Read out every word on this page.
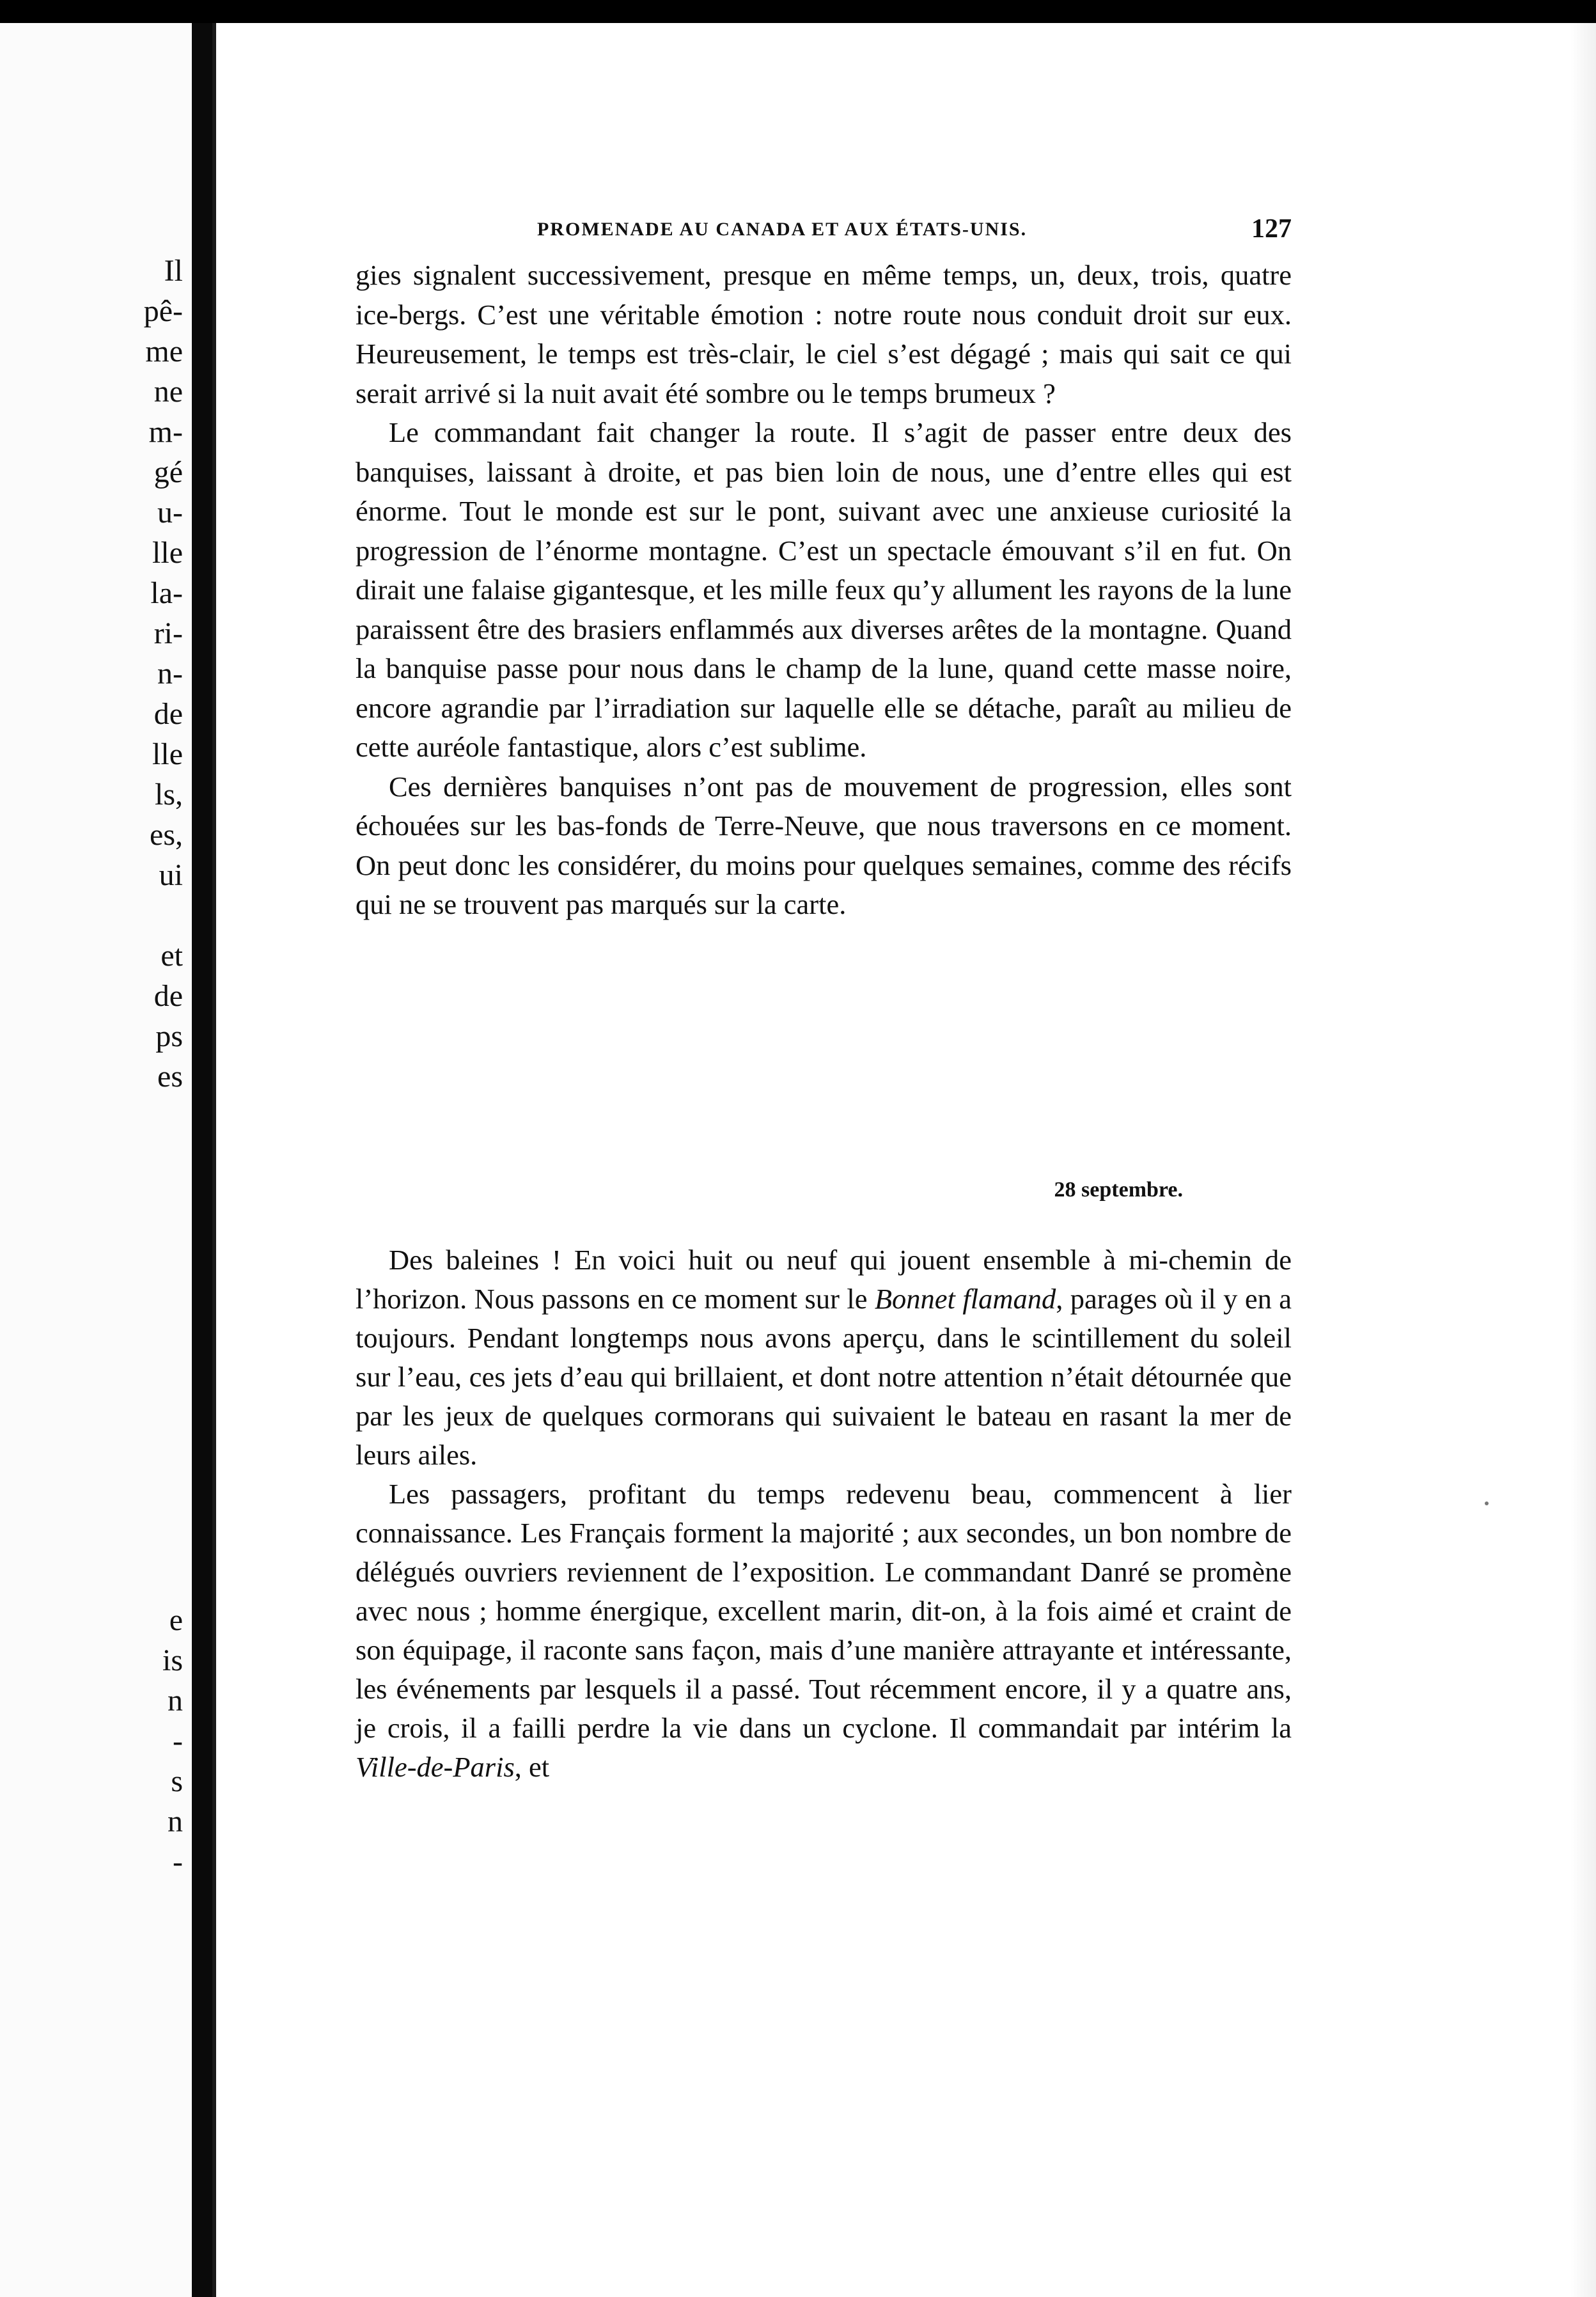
Il
pê-
me
ne
m-
gé
u-
lle
la-
ri-
n-
de
lle
ls,
es,
ui
et
de
ps
es
e
is
n
-
s
n
-
PROMENADE AU CANADA ET AUX ÉTATS-UNIS.	127

gies signalent successivement, presque en même temps, un, deux, trois, quatre ice-bergs. C’est une véritable émotion : notre route nous conduit droit sur eux. Heureusement, le temps est très-clair, le ciel s’est dégagé ; mais qui sait ce qui serait arrivé si la nuit avait été sombre ou le temps brumeux ?

Le commandant fait changer la route. Il s’agit de passer entre deux des banquises, laissant à droite, et pas bien loin de nous, une d’entre elles qui est énorme. Tout le monde est sur le pont, suivant avec une anxieuse curiosité la progression de l’énorme montagne. C’est un spectacle émouvant s’il en fut. On dirait une falaise gigantesque, et les mille feux qu’y allument les rayons de la lune paraissent être des brasiers enflammés aux diverses arêtes de la montagne. Quand la banquise passe pour nous dans le champ de la lune, quand cette masse noire, encore agrandie par l’irradiation sur laquelle elle se détache, paraît au milieu de cette auréole fantastique, alors c’est sublime.

Ces dernières banquises n’ont pas de mouvement de progression, elles sont échouées sur les bas-fonds de Terre-Neuve, que nous traversons en ce moment. On peut donc les considérer, du moins pour quelques semaines, comme des récifs qui ne se trouvent pas marqués sur la carte.

28 septembre.

Des baleines ! En voici huit ou neuf qui jouent ensemble à mi-chemin de l’horizon. Nous passons en ce moment sur le Bonnet flamand, parages où il y en a toujours. Pendant longtemps nous avons aperçu, dans le scintillement du soleil sur l’eau, ces jets d’eau qui brillaient, et dont notre attention n’était détournée que par les jeux de quelques cormorans qui suivaient le bateau en rasant la mer de leurs ailes.

Les passagers, profitant du temps redevenu beau, commencent à lier connaissance. Les Français forment la majorité ; aux secondes, un bon nombre de délégués ouvriers reviennent de l’exposition. Le commandant Danré se promène avec nous ; homme énergique, excellent marin, dit-on, à la fois aimé et craint de son équipage, il raconte sans façon, mais d’une manière attrayante et intéressante, les événements par lesquels il a passé. Tout récemment encore, il y a quatre ans, je crois, il a failli perdre la vie dans un cyclone. Il commandait par intérim la Ville-de-Paris, et
